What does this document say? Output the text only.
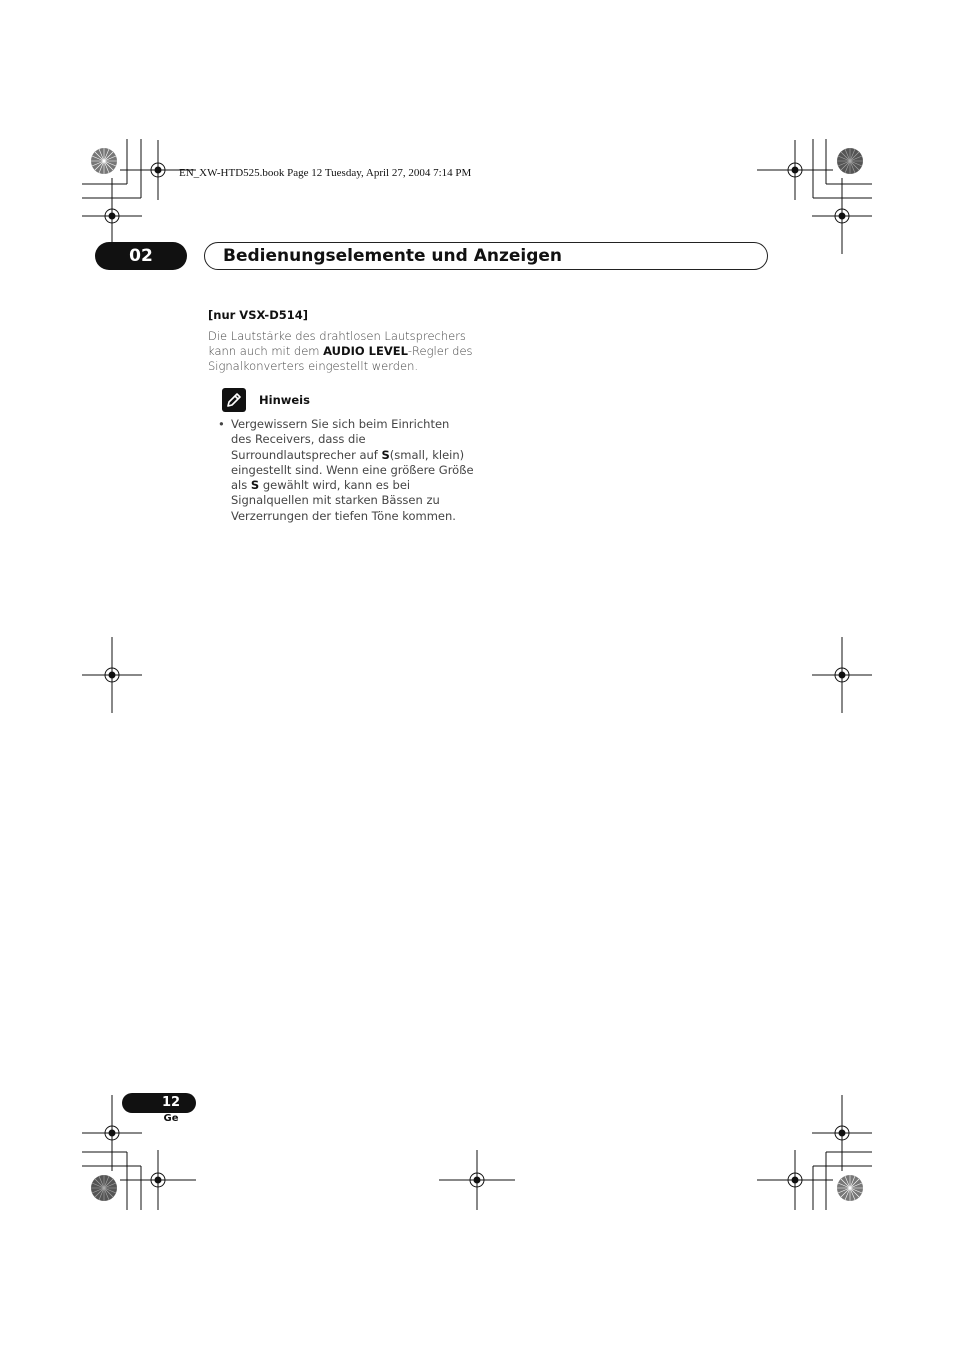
EN_XW-HTD525.book Page 12 Tuesday, April 27, 2004 7:14 PM
02	Bedienungselemente und Anzeigen
[nur VSX-D514]
Die Lautstärke des drahtlosen Lautsprechers
kann auch mit dem AUDIO LEVEL-Regler des
Signalkonverters eingestellt werden.
Hinweis
• Vergewissern Sie sich beim Einrichten
des Receivers, dass die
Surroundlautsprecher auf S(small, klein)
eingestellt sind. Wenn eine größere Größe
als S gewählt wird, kann es bei
Signalquellen mit starken Bässen zu
Verzerrungen der tiefen Töne kommen.
12
Ge
